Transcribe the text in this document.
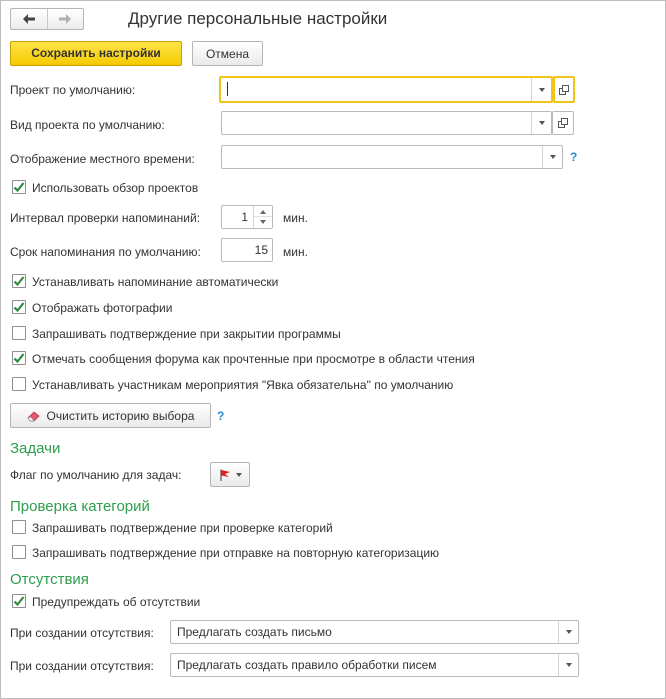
Другие персональные настройки
Сохранить настройки	Отмена
Проект по умолчанию:
Вид проекта по умолчанию:
Отображение местного времени:	?
Использовать обзор проектов
Интервал проверки напоминаний:	1	мин.
Срок напоминания по умолчанию:	15 мин.
Устанавливать напоминание автоматически
Отображать фотографии
Запрашивать подтверждение при закрытии программы
Отмечать сообщения форума как прочтенные при просмотре в области чтения
Устанавливать участникам мероприятия "Явка обязательна" по умолчанию
Очистить историю выбора ?
Задачи
Флаг по умолчанию для задач:
Проверка категорий
Запрашивать подтверждение при проверке категорий
Запрашивать подтверждение при отправке на повторную категоризацию
Отсутствия
Предупреждать об отсутствии
При создании отсутствия:	Предлагать создать письмо
При создании отсутствия:	Предлагать создать правило обработки писем
